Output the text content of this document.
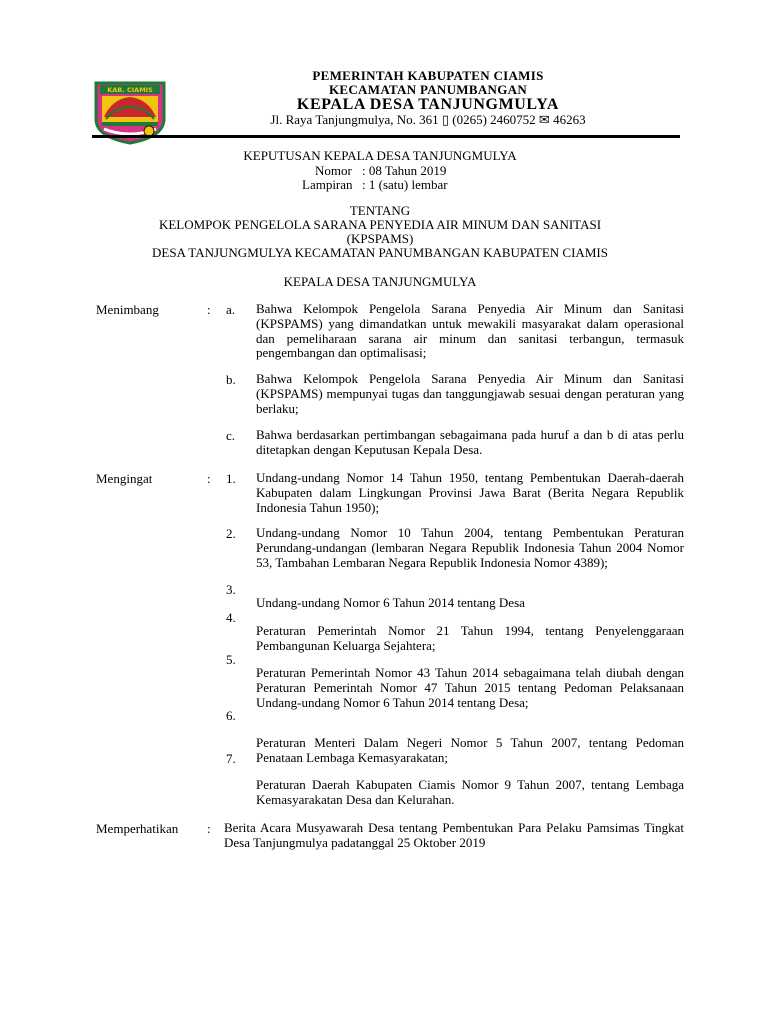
KAB. CIAMIS
PEMERINTAH KABUPATEN CIAMIS
KECAMATAN PANUMBANGAN
KEPALA DESA TANJUNGMULYA
Jl. Raya Tanjungmulya, No. 361 ▯ (0265) 2460752 ✉ 46263
KEPUTUSAN KEPALA DESA TANJUNGMULYA
Nomor : 08 Tahun 2019
Lampiran : 1 (satu) lembar
TENTANG
KELOMPOK PENGELOLA SARANA PENYEDIA AIR MINUM DAN SANITASI
(KPSPAMS)
DESA TANJUNGMULYA KECAMATAN PANUMBANGAN KABUPATEN CIAMIS
KEPALA DESA TANJUNGMULYA
Menimbang	: a. Bahwa Kelompok Pengelola Sarana Penyedia Air Minum dan Sanitasi (KPSPAMS) yang dimandatkan untuk mewakili masyarakat dalam operasional dan pemeliharaan sarana air minum dan sanitasi terbangun, termasuk pengembangan dan optimalisasi;
b. Bahwa Kelompok Pengelola Sarana Penyedia Air Minum dan Sanitasi (KPSPAMS) mempunyai tugas dan tanggungjawab sesuai dengan peraturan yang berlaku;
c. Bahwa berdasarkan pertimbangan sebagaimana pada huruf a dan b di atas perlu ditetapkan dengan Keputusan Kepala Desa.
Mengingat	: 1.
2.
3.
4.
5.
6.
7.
Undang-undang Nomor 14 Tahun 1950, tentang Pembentukan Daerah-daerah Kabupaten dalam Lingkungan Provinsi Jawa Barat (Berita Negara Republik Indonesia Tahun 1950);
Undang-undang Nomor 10 Tahun 2004, tentang Pembentukan Peraturan Perundang-undangan (lembaran Negara Republik Indonesia Tahun 2004 Nomor 53, Tambahan Lembaran Negara Republik Indonesia Nomor 4389);
Undang-undang Nomor 6 Tahun 2014 tentang Desa
Peraturan Pemerintah Nomor 21 Tahun 1994, tentang Penyelenggaraan Pembangunan Keluarga Sejahtera;
Peraturan Pemerintah Nomor 43 Tahun 2014 sebagaimana telah diubah dengan Peraturan Pemerintah Nomor 47 Tahun 2015 tentang Pedoman Pelaksanaan Undang-undang Nomor 6 Tahun 2014 tentang Desa;
Peraturan Menteri Dalam Negeri Nomor 5 Tahun 2007, tentang Pedoman Penataan Lembaga Kemasyarakatan;
Peraturan Daerah Kabupaten Ciamis Nomor 9 Tahun 2007, tentang Lembaga Kemasyarakatan Desa dan Kelurahan.
Memperhatikan : Berita Acara Musyawarah Desa tentang Pembentukan Para Pelaku Pamsimas Tingkat Desa Tanjungmulya padatanggal 25 Oktober 2019
